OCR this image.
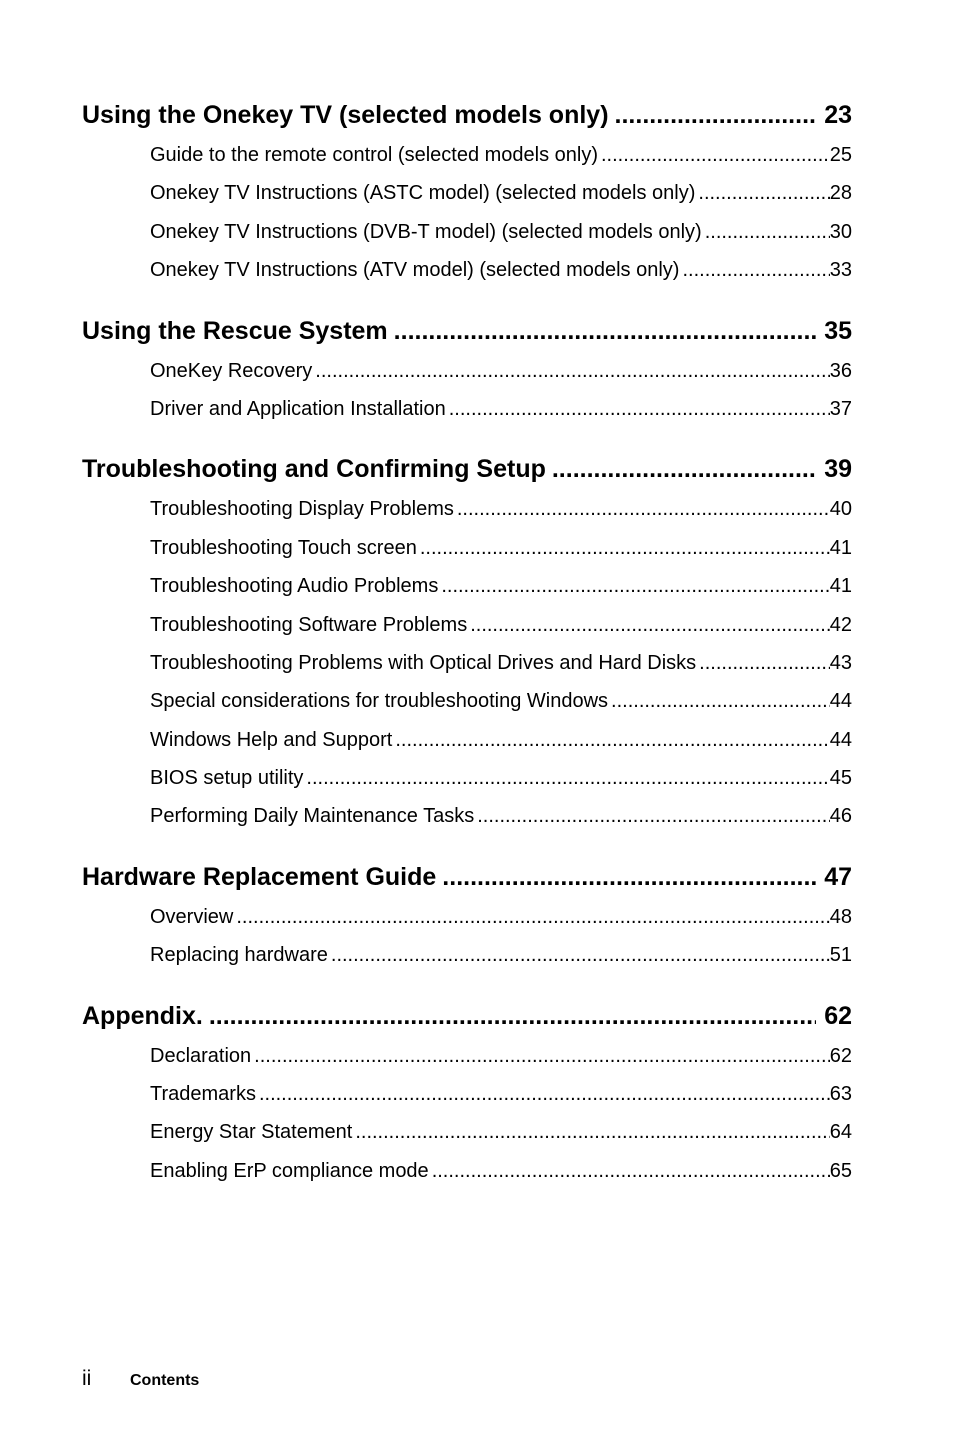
Using the Onekey TV (selected models only) .....	23
Guide to the remote control (selected models only) .....	25
Onekey TV Instructions (ASTC model) (selected models only) .....	28
Onekey TV Instructions (DVB-T model) (selected models only) .....	30
Onekey TV Instructions (ATV model) (selected models only) .....	33
Using the Rescue System .....	35
OneKey Recovery .....	36
Driver and Application Installation .....	37
Troubleshooting and Confirming Setup .....	39
Troubleshooting Display Problems .....	40
Troubleshooting Touch screen .....	41
Troubleshooting Audio Problems .....	41
Troubleshooting Software Problems .....	42
Troubleshooting Problems with Optical Drives and Hard Disks .....	43
Special considerations for troubleshooting Windows .....	44
Windows Help and Support .....	44
BIOS setup utility .....	45
Performing Daily Maintenance Tasks .....	46
Hardware Replacement Guide .....	47
Overview .....	48
Replacing hardware .....	51
Appendix. .....	62
Declaration .....	62
Trademarks .....	63
Energy Star Statement .....	64
Enabling ErP compliance mode .....	65
ii	Contents
